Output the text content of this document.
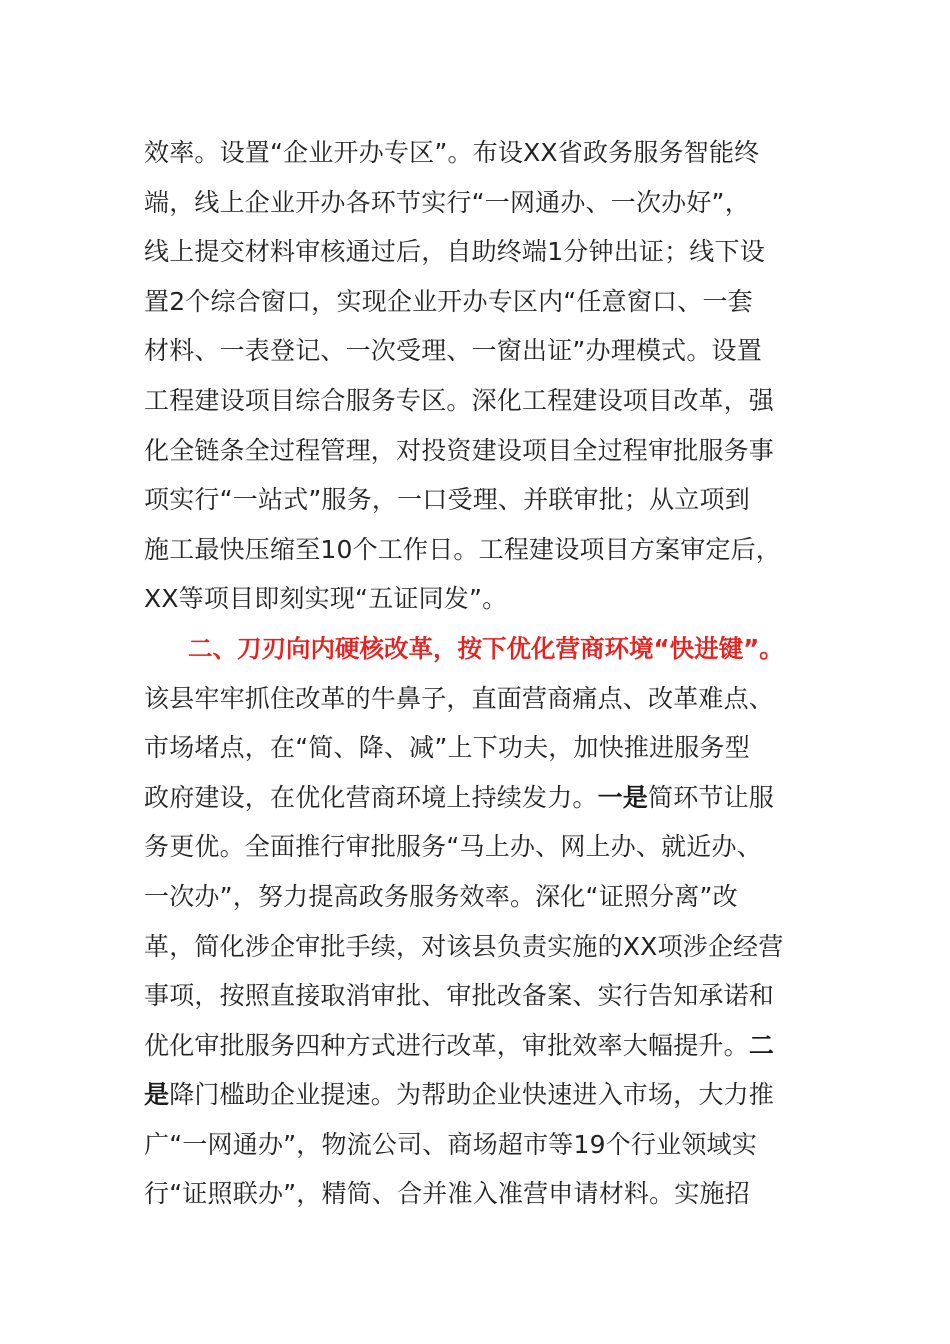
效率。设置“企业开办专区”。布设XX省政务服务智能终
端，线上企业开办各环节实行“一网通办、一次办好”，
线上提交材料审核通过后，自助终端1分钟出证；线下设
置2个综合窗口，实现企业开办专区内“任意窗口、一套
材料、一表登记、一次受理、一窗出证”办理模式。设置
工程建设项目综合服务专区。深化工程建设项目改革，强
化全链条全过程管理，对投资建设项目全过程审批服务事
项实行“一站式”服务，一口受理、并联审批；从立项到
施工最快压缩至10个工作日。工程建设项目方案审定后，
XX等项目即刻实现“五证同发”。
二、刀刃向内硬核改革，按下优化营商环境“快进键”。
该县牢牢抓住改革的牛鼻子，直面营商痛点、改革难点、
市场堵点，在“简、降、减”上下功夫，加快推进服务型
政府建设，在优化营商环境上持续发力。一是简环节让服
务更优。全面推行审批服务“马上办、网上办、就近办、
一次办”，努力提高政务服务效率。深化“证照分离”改
革，简化涉企审批手续，对该县负责实施的XX项涉企经营
事项，按照直接取消审批、审批改备案、实行告知承诺和
优化审批服务四种方式进行改革，审批效率大幅提升。二
是降门槛助企业提速。为帮助企业快速进入市场，大力推
广“一网通办”，物流公司、商场超市等19个行业领域实
行“证照联办”，精简、合并准入准营申请材料。实施招
